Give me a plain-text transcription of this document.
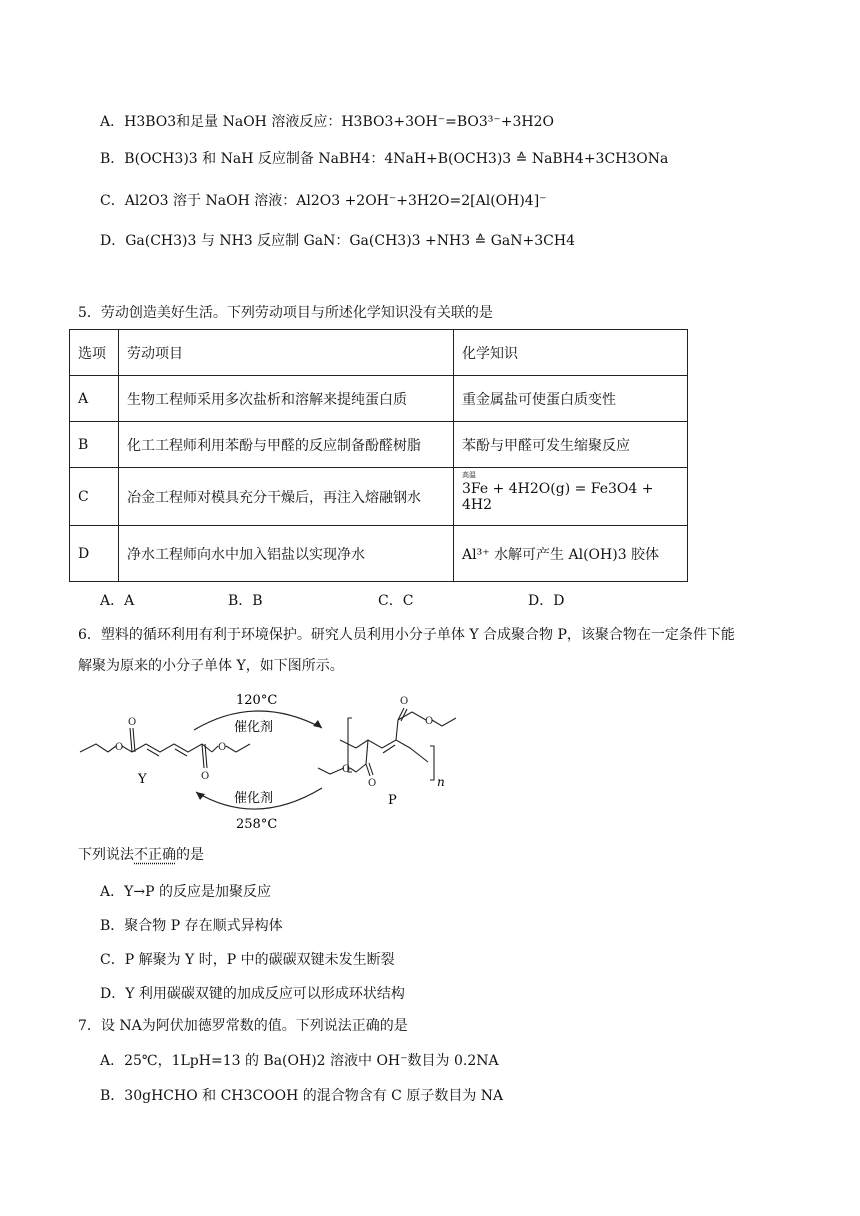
A．H3BO3和足量 NaOH 溶液反应：H3BO3+3OH⁻=BO3³⁻+3H2O
B．B(OCH3)3 和 NaH 反应制备 NaBH4：4NaH+B(OCH3)3 ≙ NaBH4+3CH3ONa
C．Al2O3 溶于 NaOH 溶液：Al2O3 +2OH⁻+3H2O=2[Al(OH)4]⁻
D．Ga(CH3)3 与 NH3 反应制 GaN：Ga(CH3)3 +NH3 ≙ GaN+3CH4
5．劳动创造美好生活。下列劳动项目与所述化学知识没有关联的是
选项	劳动项目	化学知识
A	生物工程师采用多次盐析和溶解来提纯蛋白质	重金属盐可使蛋白质变性
B	化工工程师利用苯酚与甲醛的反应制备酚醛树脂	苯酚与甲醛可发生缩聚反应
C	冶金工程师对模具充分干燥后，再注入熔融钢水	高温
3Fe + 4H2O(g) = Fe3O4 + 4H2
D	净水工程师向水中加入铝盐以实现净水	Al³⁺ 水解可产生 Al(OH)3 胶体
A．A	B．B	C．C	D．D
6．塑料的循环利用有利于环境保护。研究人员利用小分子单体 Y 合成聚合物 P，该聚合物在一定条件下能
解聚为原来的小分子单体 Y，如下图所示。
O
O
O
O
Y
120°C
催化剂
催化剂
258°C
O
O
O
O	n
P
下列说法不正确的是
A．Y→P 的反应是加聚反应
B．聚合物 P 存在顺式异构体
C．P 解聚为 Y 时，P 中的碳碳双键未发生断裂
D．Y 利用碳碳双键的加成反应可以形成环状结构
7．设 NA为阿伏加德罗常数的值。下列说法正确的是
A．25℃，1LpH=13 的 Ba(OH)2 溶液中 OH⁻数目为 0.2NA
B．30gHCHO 和 CH3COOH 的混合物含有 C 原子数目为 NA
